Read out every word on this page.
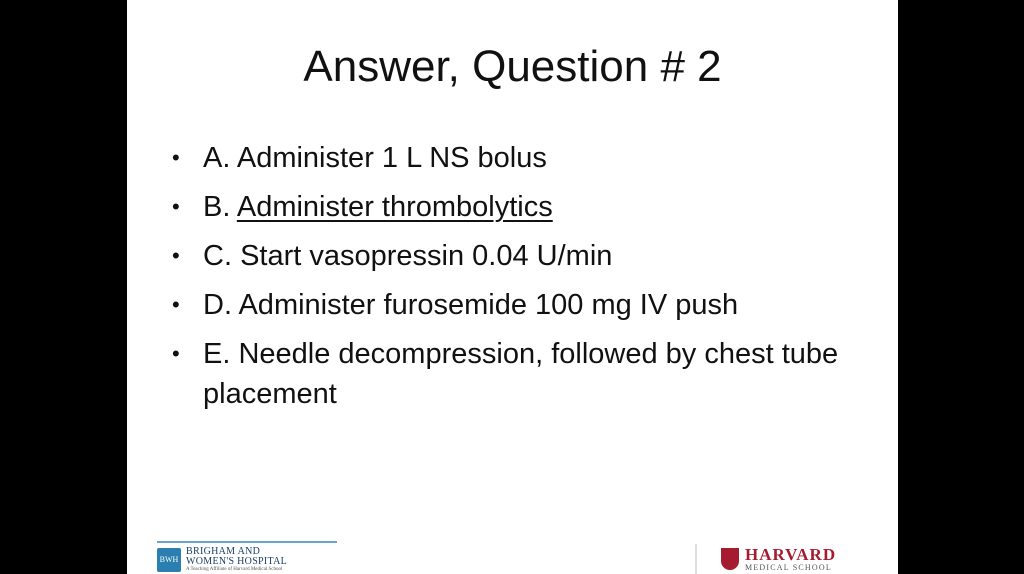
Answer, Question # 2
• A. Administer 1 L NS bolus
• B. Administer thrombolytics
• C. Start vasopressin 0.04 U/min
• D. Administer furosemide 100 mg IV push
• E. Needle decompression, followed by chest tube placement
BWH
BRIGHAM AND
WOMEN'S HOSPITAL
A Teaching Affiliate of Harvard Medical School
HARVARD
MEDICAL SCHOOL
